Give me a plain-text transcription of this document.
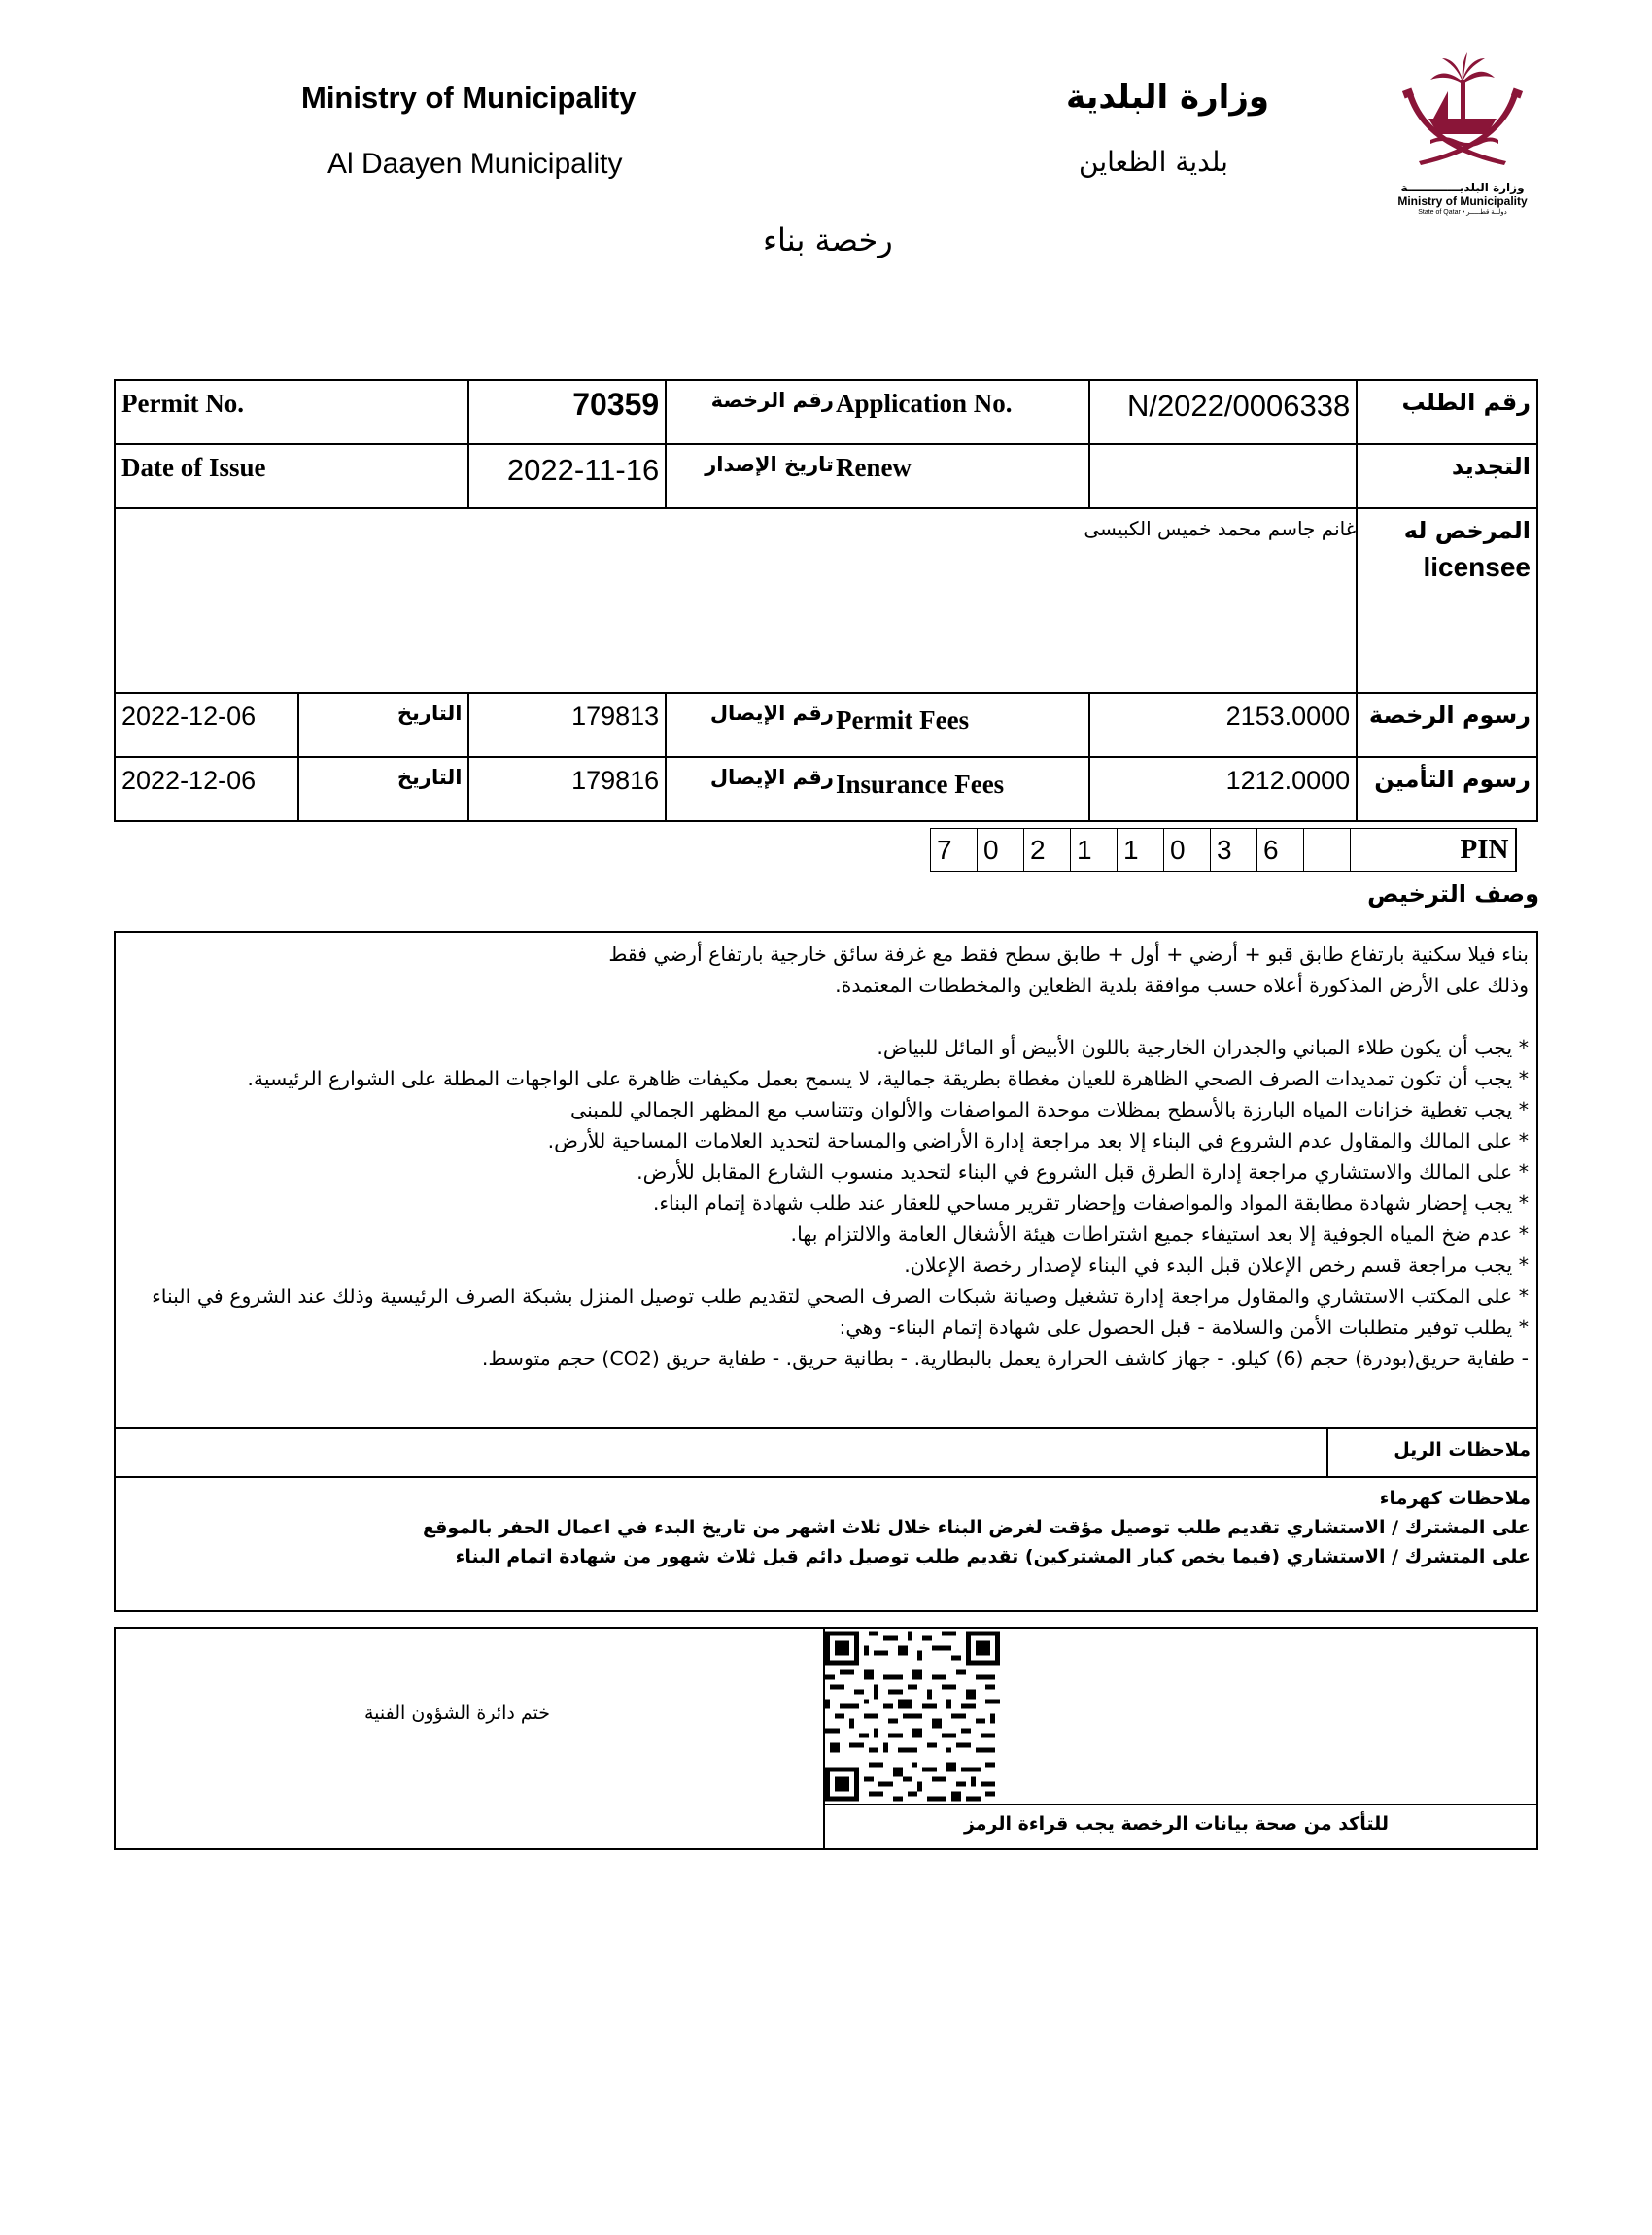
Ministry of Municipality
Al Daayen Municipality
وزارة البلدية
بلدية الظعاين
رخصة بناء
وزارة البلديـــــــــــــة
Ministry of Municipality
State of Qatar • دولــة قطـــــر
Permit No.		70359	رقم الرخصة	Application No.	N/2022/0006338	رقم الطلب

Date of Issue		2022-11-16	تاريخ الإصدار	Renew		التجديد

غانم جاسم محمد خميس الكبيسى						المرخص له
licensee

2022-12-06	التاريخ	179813	رقم الإيصال	Permit Fees	2153.0000	رسوم الرخصة

2022-12-06	التاريخ	179816	رقم الإيصال	Insurance Fees	1212.0000	رسوم التأمين
7	0	2	1	1	0	3	6		PIN
وصف الترخيص
بناء فيلا سكنية بارتفاع طابق قبو + أرضي + أول + طابق سطح فقط مع غرفة سائق خارجية بارتفاع أرضي فقط
وذلك على الأرض المذكورة أعلاه حسب موافقة بلدية الظعاين والمخططات المعتمدة.
* يجب أن يكون طلاء المباني والجدران الخارجية باللون الأبيض أو المائل للبياض.
* يجب أن تكون تمديدات الصرف الصحي الظاهرة للعيان مغطاة بطريقة جمالية، لا يسمح بعمل مكيفات ظاهرة على الواجهات المطلة على الشوارع الرئيسية.
* يجب تغطية خزانات المياه البارزة بالأسطح بمظلات موحدة المواصفات والألوان وتتناسب مع المظهر الجمالي للمبنى
* على المالك والمقاول عدم الشروع في البناء إلا بعد مراجعة إدارة الأراضي والمساحة لتحديد العلامات المساحية للأرض.
* على المالك والاستشاري مراجعة إدارة الطرق قبل الشروع في البناء لتحديد منسوب الشارع المقابل للأرض.
* يجب إحضار شهادة مطابقة المواد والمواصفات وإحضار تقرير مساحي للعقار عند طلب شهادة إتمام البناء.
* عدم ضخ المياه الجوفية إلا بعد استيفاء جميع اشتراطات هيئة الأشغال العامة والالتزام بها.
* يجب مراجعة قسم رخص الإعلان قبل البدء في البناء لإصدار رخصة الإعلان.
* على المكتب الاستشاري والمقاول مراجعة إدارة تشغيل وصيانة شبكات الصرف الصحي لتقديم طلب توصيل المنزل بشبكة الصرف الرئيسية وذلك عند الشروع في البناء
* يطلب توفير متطلبات الأمن والسلامة - قبل الحصول على شهادة إتمام البناء- وهي:
- طفاية حريق(بودرة) حجم (6) كيلو. - جهاز كاشف الحرارة يعمل بالبطارية. - بطانية حريق. - طفاية حريق (CO2) حجم متوسط.
ملاحظات الريل
ملاحظات كهرماء
على المشترك / الاستشاري تقديم طلب توصيل مؤقت لغرض البناء خلال ثلاث اشهر من تاريخ البدء في اعمال الحفر بالموقع
على المتشرك / الاستشاري (فيما يخص كبار المشتركين) تقديم طلب توصيل دائم قبل ثلاث شهور من شهادة اتمام البناء
ختم دائرة الشؤون الفنية
للتأكد من صحة بيانات الرخصة يجب قراءة الرمز
